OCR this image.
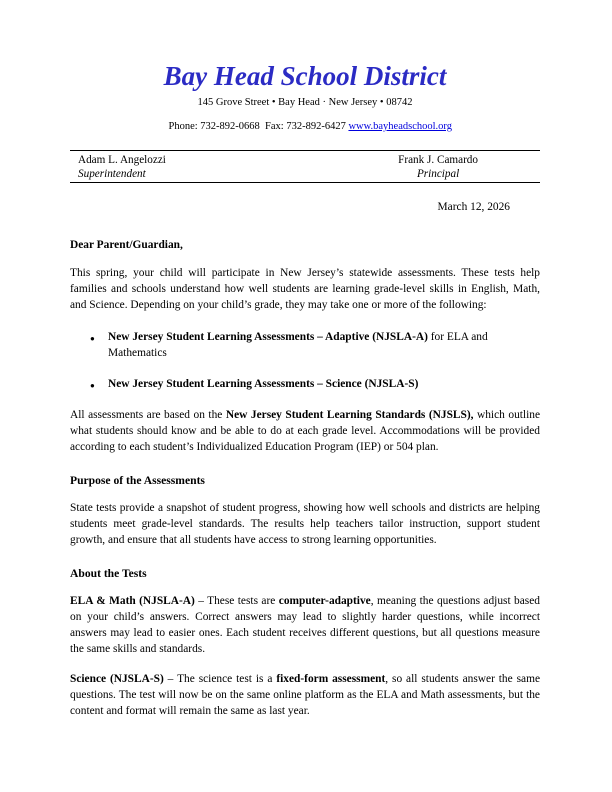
Bay Head School District
145 Grove Street • Bay Head · New Jersey • 08742

Phone: 732-892-0668  Fax: 732-892-6427 www.bayheadschool.org

Adam L. Angelozzi
Superintendent
Frank J. Camardo
Principal
March 12, 2026
Dear Parent/Guardian,

This spring, your child will participate in New Jersey’s statewide assessments. These tests help families and schools understand how well students are learning grade-level skills in English, Math, and Science. Depending on your child’s grade, they may take one or more of the following:

● New Jersey Student Learning Assessments – Adaptive (NJSLA-A) for ELA and Mathematics
● New Jersey Student Learning Assessments – Science (NJSLA-S)

All assessments are based on the New Jersey Student Learning Standards (NJSLS), which outline what students should know and be able to do at each grade level. Accommodations will be provided according to each student’s Individualized Education Program (IEP) or 504 plan.

Purpose of the Assessments

State tests provide a snapshot of student progress, showing how well schools and districts are helping students meet grade-level standards. The results help teachers tailor instruction, support student growth, and ensure that all students have access to strong learning opportunities.

About the Tests

ELA & Math (NJSLA-A) – These tests are computer-adaptive, meaning the questions adjust based on your child’s answers. Correct answers may lead to slightly harder questions, while incorrect answers may lead to easier ones. Each student receives different questions, but all questions measure the same skills and standards.

Science (NJSLA-S) – The science test is a fixed-form assessment, so all students answer the same questions. The test will now be on the same online platform as the ELA and Math assessments, but the content and format will remain the same as last year.
